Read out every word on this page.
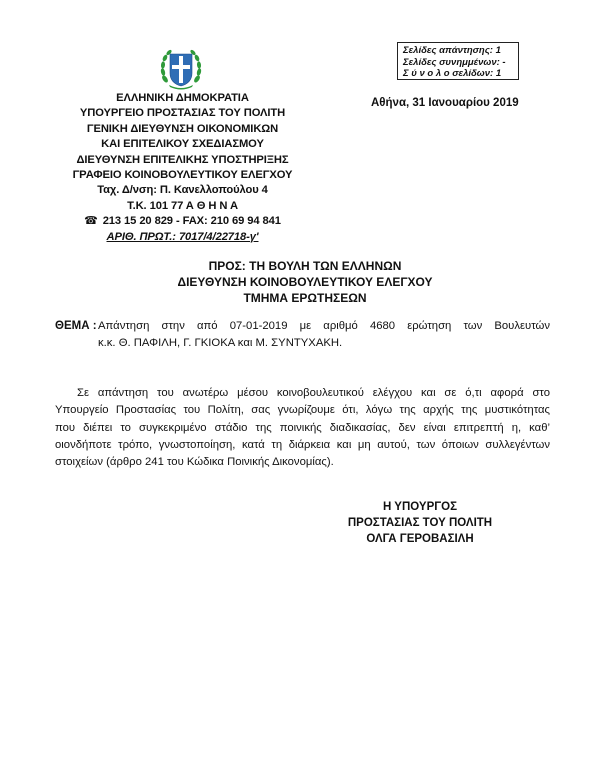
ΕΛΛΗΝΙΚΗ ΔΗΜΟΚΡΑΤΙΑ
ΥΠΟΥΡΓΕΙΟ ΠΡΟΣΤΑΣΙΑΣ ΤΟΥ ΠΟΛΙΤΗ
ΓΕΝΙΚΗ ΔΙΕΥΘΥΝΣΗ ΟΙΚΟΝΟΜΙΚΩΝ
ΚΑΙ ΕΠΙΤΕΛΙΚΟΥ ΣΧΕΔΙΑΣΜΟΥ
ΔΙΕΥΘΥΝΣΗ ΕΠΙΤΕΛΙΚΗΣ ΥΠΟΣΤΗΡΙΞΗΣ
ΓΡΑΦΕΙΟ ΚΟΙΝΟΒΟΥΛΕΥΤΙΚΟΥ ΕΛΕΓΧΟΥ
Ταχ. Δ/νση: Π. Κανελλοπούλου 4
Τ.Κ. 101 77 Α Θ Η Ν Α
☎ 213 15 20 829 - FAX: 210 69 94 841
ΑΡΙΘ. ΠΡΩΤ.: 7017/4/22718-γ'
Σελίδες απάντησης: 1
Σελίδες συνημμένων: -
Σ ύ ν ο λ ο σελίδων: 1
Αθήνα, 31 Ιανουαρίου 2019
ΠΡΟΣ: ΤΗ ΒΟΥΛΗ ΤΩΝ ΕΛΛΗΝΩΝ
ΔΙΕΥΘΥΝΣΗ ΚΟΙΝΟΒΟΥΛΕΥΤΙΚΟΥ ΕΛΕΓΧΟΥ
ΤΜΗΜΑ ΕΡΩΤΗΣΕΩΝ
ΘΕΜΑ : Απάντηση στην από 07-01-2019 με αριθμό 4680 ερώτηση των Βουλευτών
κ.κ. Θ. ΠΑΦΙΛΗ, Γ. ΓΚΙΟΚΑ και Μ. ΣΥΝΤΥΧΑΚΗ.
Σε απάντηση του ανωτέρω μέσου κοινοβουλευτικού ελέγχου και σε ό,τι αφορά στο
Υπουργείο Προστασίας του Πολίτη, σας γνωρίζουμε ότι, λόγω της αρχής της μυστικότητας
που διέπει το συγκεκριμένο στάδιο της ποινικής διαδικασίας, δεν είναι επιτρεπτή η, καθ’
οιονδήποτε τρόπο, γνωστοποίηση, κατά τη διάρκεια και μη αυτού, των όποιων συλλεγέντων
στοιχείων (άρθρο 241 του Κώδικα Ποινικής Δικονομίας).
Η ΥΠΟΥΡΓΟΣ
ΠΡΟΣΤΑΣΙΑΣ ΤΟΥ ΠΟΛΙΤΗ
ΟΛΓΑ ΓΕΡΟΒΑΣΙΛΗ
